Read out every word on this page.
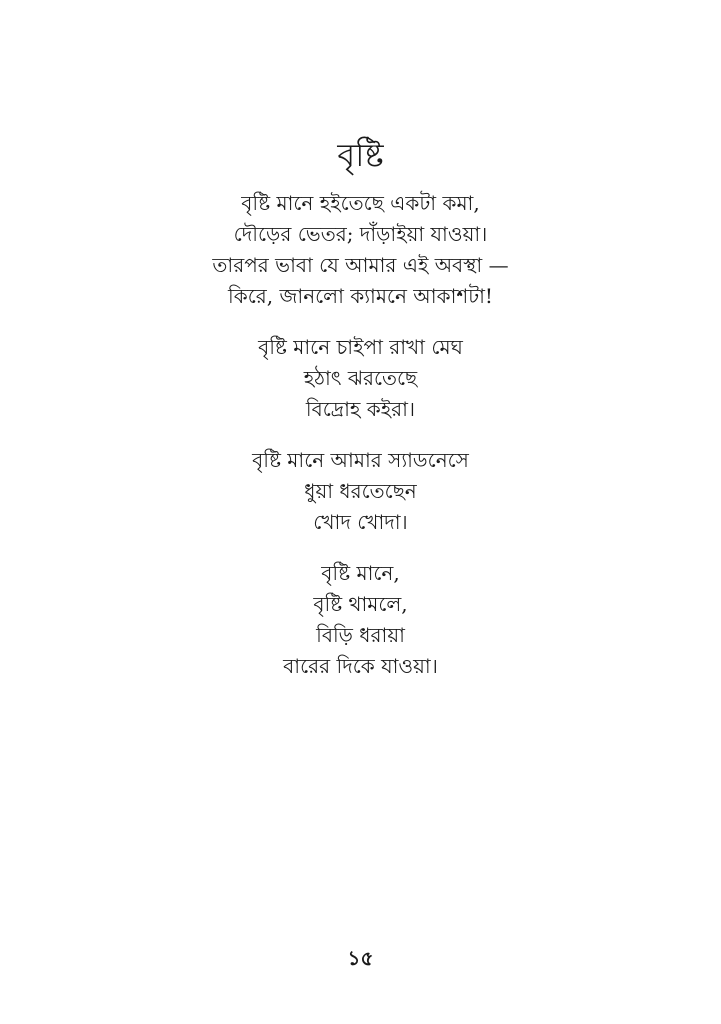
বৃষ্টি
বৃষ্টি মানে হইতেছে একটা কমা,
দৌড়ের ভেতর; দাঁড়াইয়া যাওয়া।
তারপর ভাবা যে আমার এই অবস্থা —
কিরে, জানলো ক্যামনে আকাশটা!
বৃষ্টি মানে চাইপা রাখা মেঘ
হঠাৎ ঝরতেছে
বিদ্রোহ কইরা।
বৃষ্টি মানে আমার স্যাডনেসে
ধুয়া ধরতেছেন
খোদ খোদা।
বৃষ্টি মানে,
বৃষ্টি থামলে,
বিড়ি ধরায়া
বারের দিকে যাওয়া।
১৫
